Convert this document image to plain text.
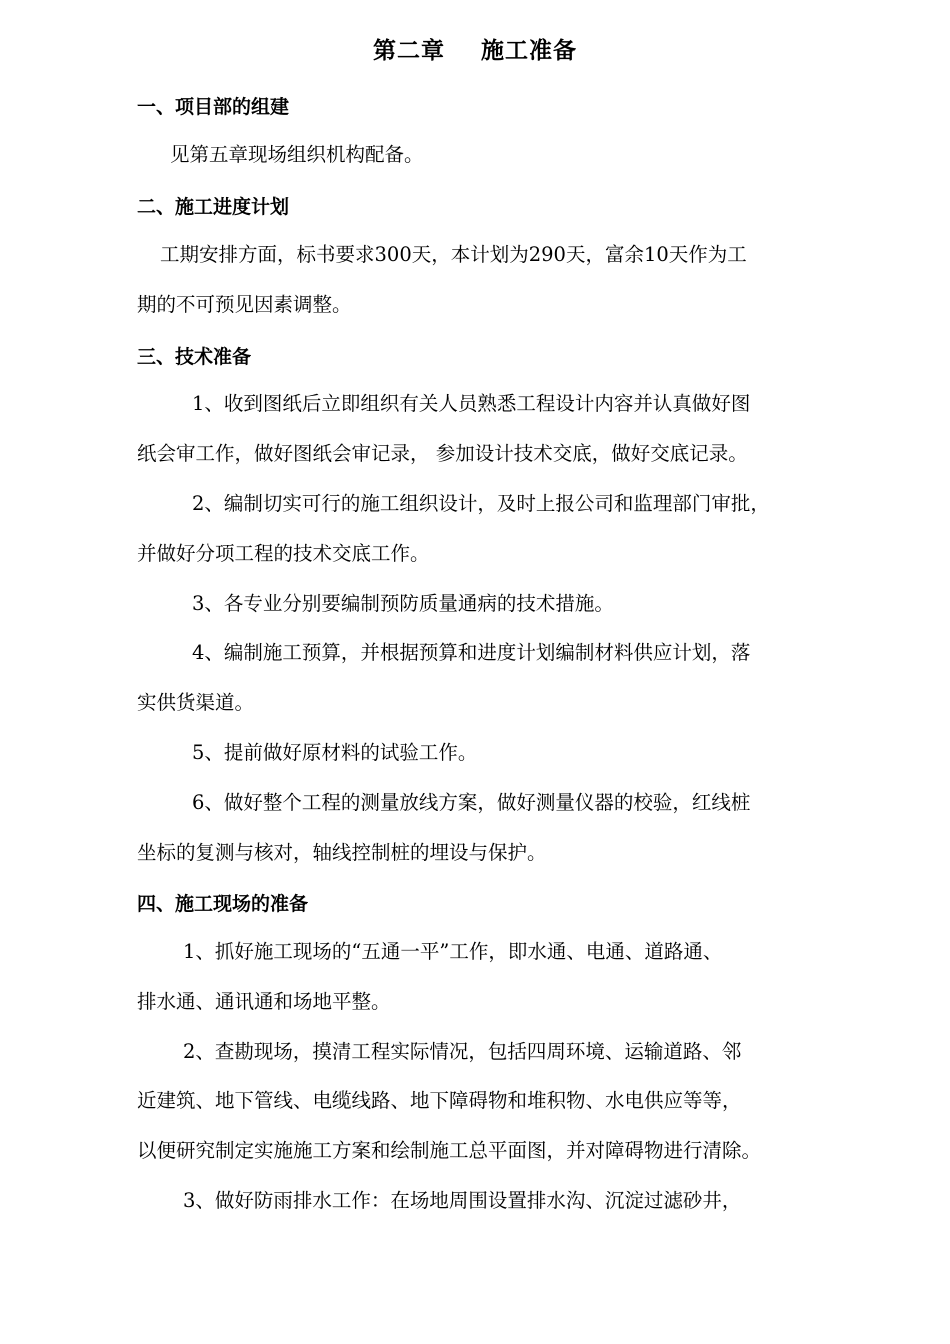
第二章    施工准备
一、项目部的组建
见第五章现场组织机构配备。
二、施工进度计划
工期安排方面，标书要求300天，本计划为290天，富余10天作为工
期的不可预见因素调整。
三、技术准备
1、收到图纸后立即组织有关人员熟悉工程设计内容并认真做好图
纸会审工作，做好图纸会审记录， 参加设计技术交底，做好交底记录。
2、编制切实可行的施工组织设计，及时上报公司和监理部门审批，
并做好分项工程的技术交底工作。
3、各专业分别要编制预防质量通病的技术措施。
4、编制施工预算，并根据预算和进度计划编制材料供应计划，落
实供货渠道。
5、提前做好原材料的试验工作。
6、做好整个工程的测量放线方案，做好测量仪器的校验，红线桩
坐标的复测与核对，轴线控制桩的埋设与保护。
四、施工现场的准备
1、抓好施工现场的“五通一平”工作，即水通、电通、道路通、
排水通、通讯通和场地平整。
2、查勘现场，摸清工程实际情况，包括四周环境、运输道路、邻
近建筑、地下管线、电缆线路、地下障碍物和堆积物、水电供应等等，
以便研究制定实施施工方案和绘制施工总平面图，并对障碍物进行清除。
3、做好防雨排水工作：在场地周围设置排水沟、沉淀过滤砂井，
